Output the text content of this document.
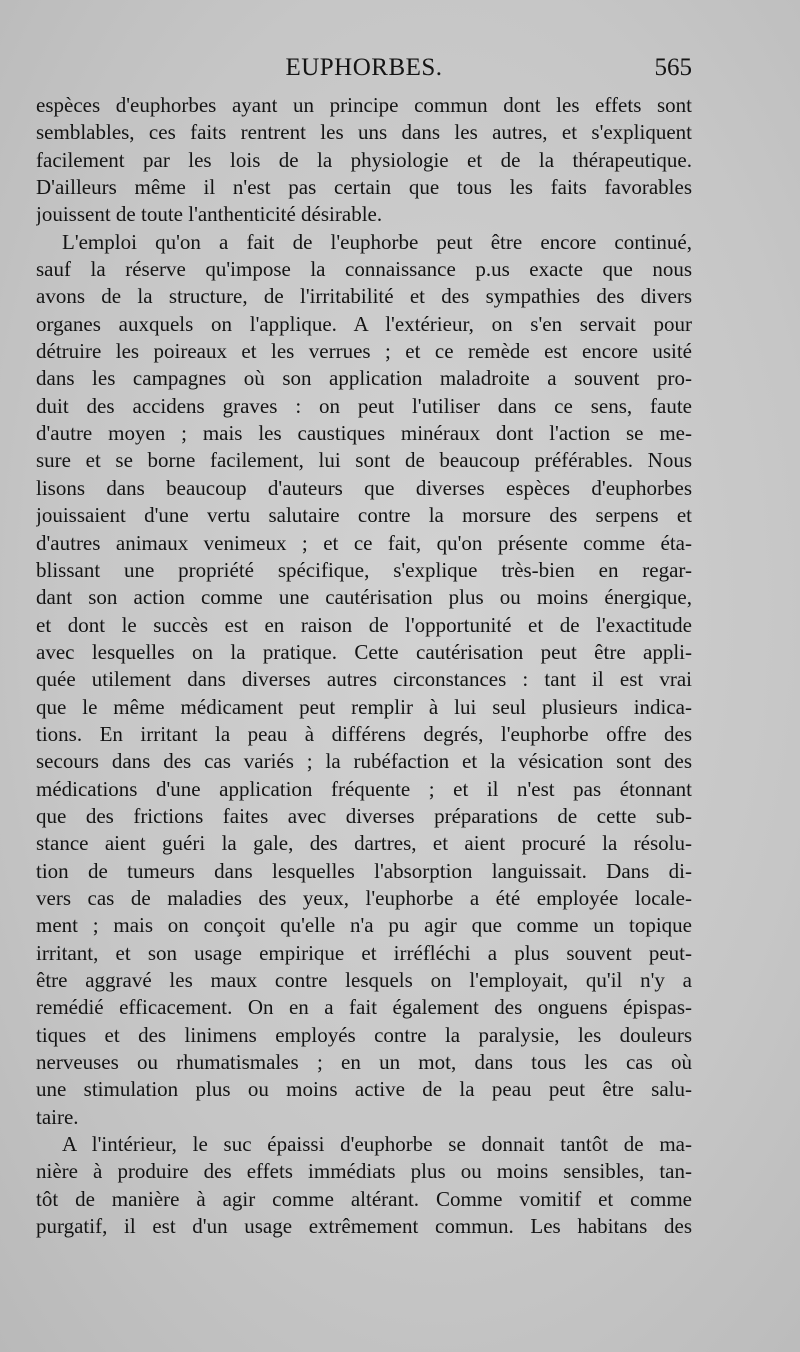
EUPHORBES.	565
espèces d'euphorbes ayant un principe commun dont les effets sont
semblables, ces faits rentrent les uns dans les autres, et s'expliquent
facilement par les lois de la physiologie et de la thérapeutique.
D'ailleurs même il n'est pas certain que tous les faits favorables
jouissent de toute l'anthenticité désirable.
L'emploi qu'on a fait de l'euphorbe peut être encore continué,
sauf la réserve qu'impose la connaissance p.us exacte que nous
avons de la structure, de l'irritabilité et des sympathies des divers
organes auxquels on l'applique. A l'extérieur, on s'en servait pour
détruire les poireaux et les verrues ; et ce remède est encore usité
dans les campagnes où son application maladroite a souvent pro-
duit des accidens graves : on peut l'utiliser dans ce sens, faute
d'autre moyen ; mais les caustiques minéraux dont l'action se me-
sure et se borne facilement, lui sont de beaucoup préférables. Nous
lisons dans beaucoup d'auteurs que diverses espèces d'euphorbes
jouissaient d'une vertu salutaire contre la morsure des serpens et
d'autres animaux venimeux ; et ce fait, qu'on présente comme éta-
blissant une propriété spécifique, s'explique très-bien en regar-
dant son action comme une cautérisation plus ou moins énergique,
et dont le succès est en raison de l'opportunité et de l'exactitude
avec lesquelles on la pratique. Cette cautérisation peut être appli-
quée utilement dans diverses autres circonstances : tant il est vrai
que le même médicament peut remplir à lui seul plusieurs indica-
tions. En irritant la peau à différens degrés, l'euphorbe offre des
secours dans des cas variés ; la rubéfaction et la vésication sont des
médications d'une application fréquente ; et il n'est pas étonnant
que des frictions faites avec diverses préparations de cette sub-
stance aient guéri la gale, des dartres, et aient procuré la résolu-
tion de tumeurs dans lesquelles l'absorption languissait. Dans di-
vers cas de maladies des yeux, l'euphorbe a été employée locale-
ment ; mais on conçoit qu'elle n'a pu agir que comme un topique
irritant, et son usage empirique et irréfléchi a plus souvent peut-
être aggravé les maux contre lesquels on l'employait, qu'il n'y a
remédié efficacement. On en a fait également des onguens épispas-
tiques et des linimens employés contre la paralysie, les douleurs
nerveuses ou rhumatismales ; en un mot, dans tous les cas où
une stimulation plus ou moins active de la peau peut être salu-
taire.
A l'intérieur, le suc épaissi d'euphorbe se donnait tantôt de ma-
nière à produire des effets immédiats plus ou moins sensibles, tan-
tôt de manière à agir comme altérant. Comme vomitif et comme
purgatif, il est d'un usage extrêmement commun. Les habitans des
